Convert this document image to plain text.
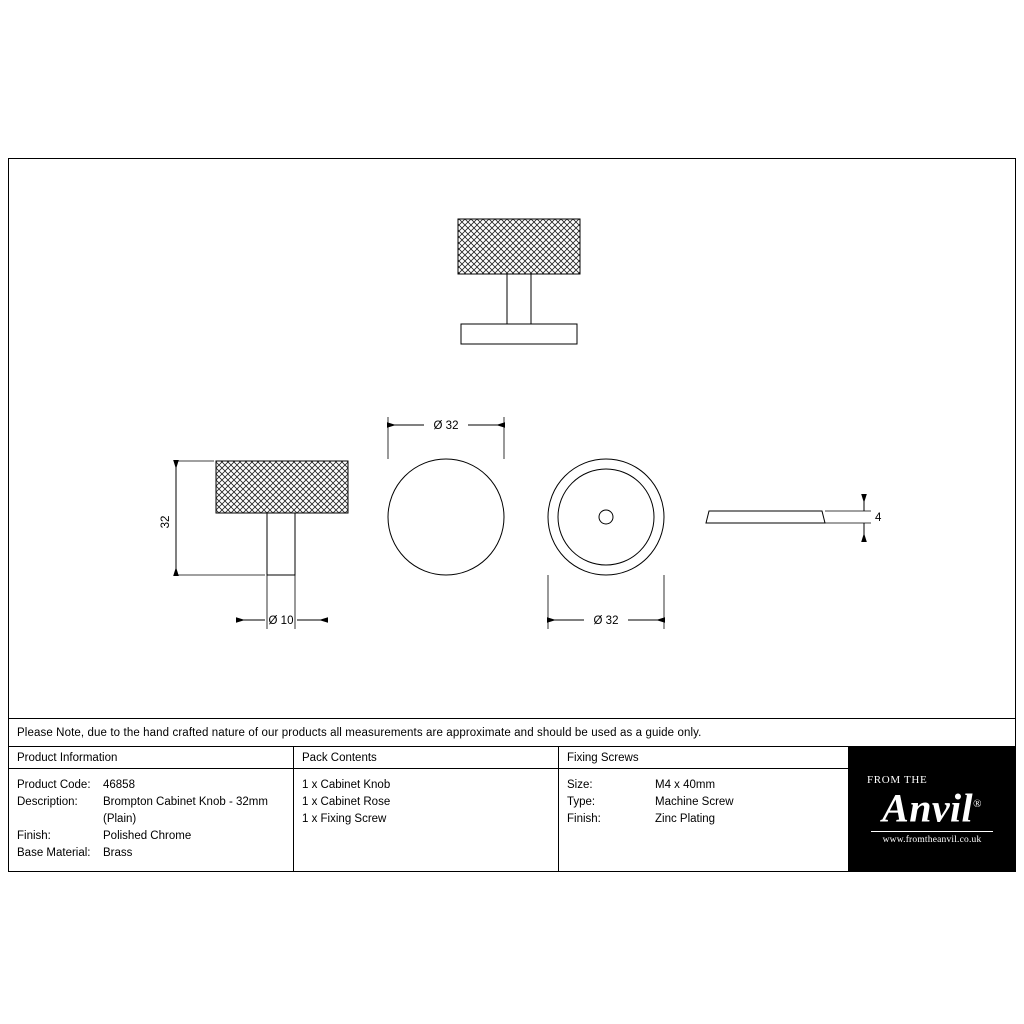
32
Ø 10
Ø 32
Ø 32
4
Please Note, due to the hand crafted nature of our products all measurements are approximate and should be used as a guide only.
Product Information
Product Code:	46858
Description:	Brompton Cabinet Knob - 32mm
(Plain)
Finish:	Polished Chrome
Base Material:	Brass
Pack Contents
1 x Cabinet Knob
1 x Cabinet Rose
1 x Fixing Screw
Fixing Screws
Size:	M4 x 40mm
Type:	Machine Screw
Finish:	Zinc Plating
FROM THE
Anvil®
www.fromtheanvil.co.uk
